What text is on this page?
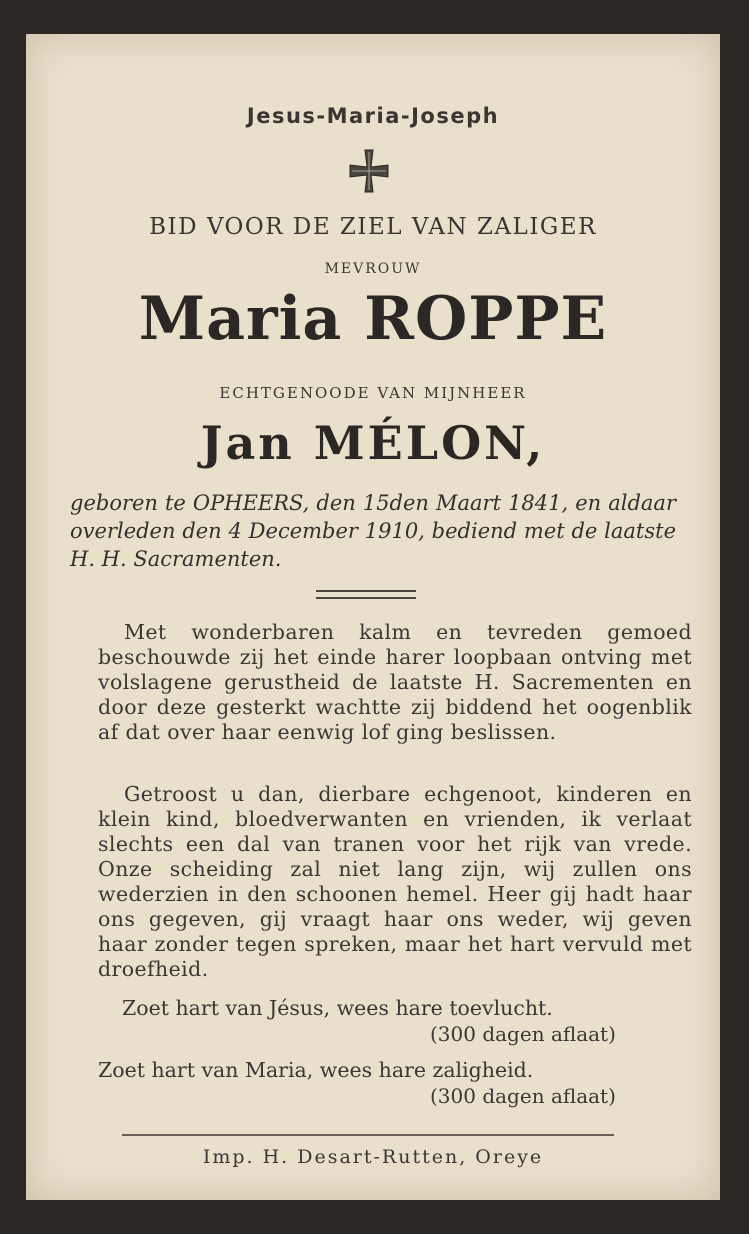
Jesus-Maria-Joseph
BID VOOR DE ZIEL VAN ZALIGER
MEVROUW
Maria ROPPE
ECHTGENOODE VAN MIJNHEER
Jan MÉLON,
geboren te OPHEERS, den 15den Maart 1841, en aldaar overleden den 4 December 1910, bediend met de laatste H. H. Sacramenten.
Met wonderbaren kalm en tevreden gemoed beschouwde zij het einde harer loopbaan ontving met volslagene gerustheid de laatste H. Sacrementen en door deze gesterkt wachtte zij biddend het oogenblik af dat over haar eenwig lof ging beslissen.
Getroost u dan, dierbare echgenoot, kinderen en klein kind, bloedverwanten en vrienden, ik verlaat slechts een dal van tranen voor het rijk van vrede. Onze scheiding zal niet lang zijn, wij zullen ons wederzien in den schoonen hemel. Heer gij hadt haar ons gegeven, gij vraagt haar ons weder, wij geven haar zonder tegen spreken, maar het hart vervuld met droefheid.
Zoet hart van Jésus, wees hare toevlucht.
(300 dagen aflaat)
Zoet hart van Maria, wees hare zaligheid.
(300 dagen aflaat)
Imp. H. Desart-Rutten, Oreye
